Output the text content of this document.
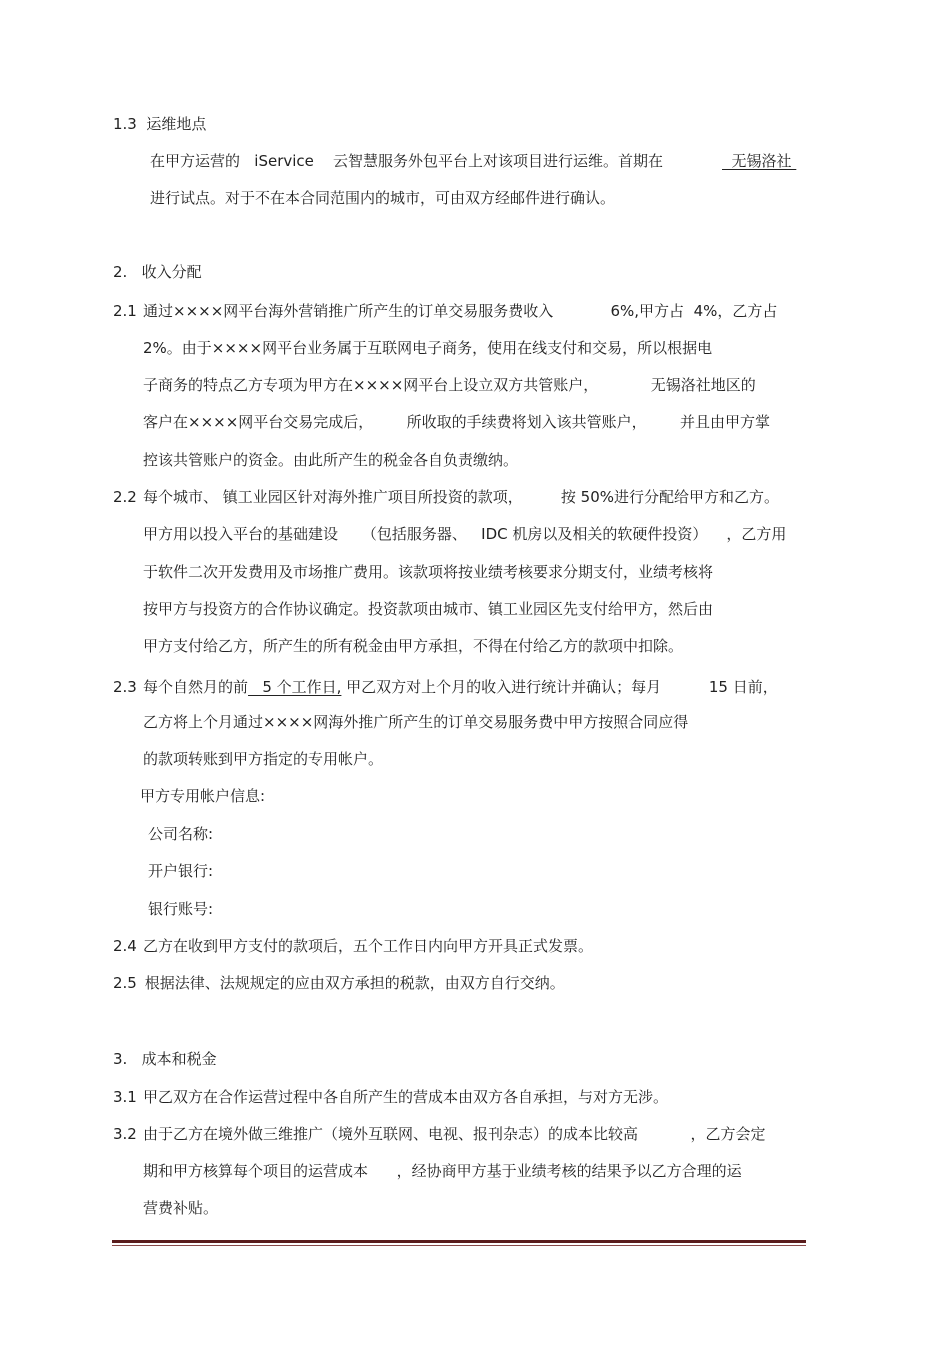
1.3  运维地点
在甲方运营的   iService    云智慧服务外包平台上对该项目进行运维。首期在	无锡洛社
进行试点。对于不在本合同范围内的城市，可由双方经邮件进行确认。
2.   收入分配
2.1 通过××××网平台海外营销推广所产生的订单交易服务费收入            6%,甲方占  4%，乙方占
2%。由于××××网平台业务属于互联网电子商务，使用在线支付和交易，所以根据电
子商务的特点乙方专项为甲方在××××网平台上设立双方共管账户，           无锡洛社地区的
客户在××××网平台交易完成后，       所收取的手续费将划入该共管账户，       并且由甲方掌
控该共管账户的资金。由此所产生的税金各自负责缴纳。
2.2 每个城市、 镇工业园区针对海外推广项目所投资的款项，        按 50%进行分配给甲方和乙方。
甲方用以投入平台的基础建设     （包括服务器、   IDC 机房以及相关的软硬件投资）    ，乙方用
于软件二次开发费用及市场推广费用。该款项将按业绩考核要求分期支付，业绩考核将
按甲方与投资方的合作协议确定。投资款项由城市、镇工业园区先支付给甲方，然后由
甲方支付给乙方，所产生的所有税金由甲方承担，不得在付给乙方的款项中扣除。
2.3 每个自然月的前   5 个工作日, 甲乙双方对上个月的收入进行统计并确认；每月          15 日前，
乙方将上个月通过××××网海外推广所产生的订单交易服务费中甲方按照合同应得
的款项转账到甲方指定的专用帐户。
甲方专用帐户信息:
公司名称:
开户银行:
银行账号:
2.4 乙方在收到甲方支付的款项后，五个工作日内向甲方开具正式发票。
2.5 根据法律、法规规定的应由双方承担的税款，由双方自行交纳。
3.   成本和税金
3.1 甲乙双方在合作运营过程中各自所产生的营成本由双方各自承担，与对方无涉。
3.2 由于乙方在境外做三维推广（境外互联网、电视、报刊杂志）的成本比较高           ，乙方会定
期和甲方核算每个项目的运营成本      ，经协商甲方基于业绩考核的结果予以乙方合理的运
营费补贴。
